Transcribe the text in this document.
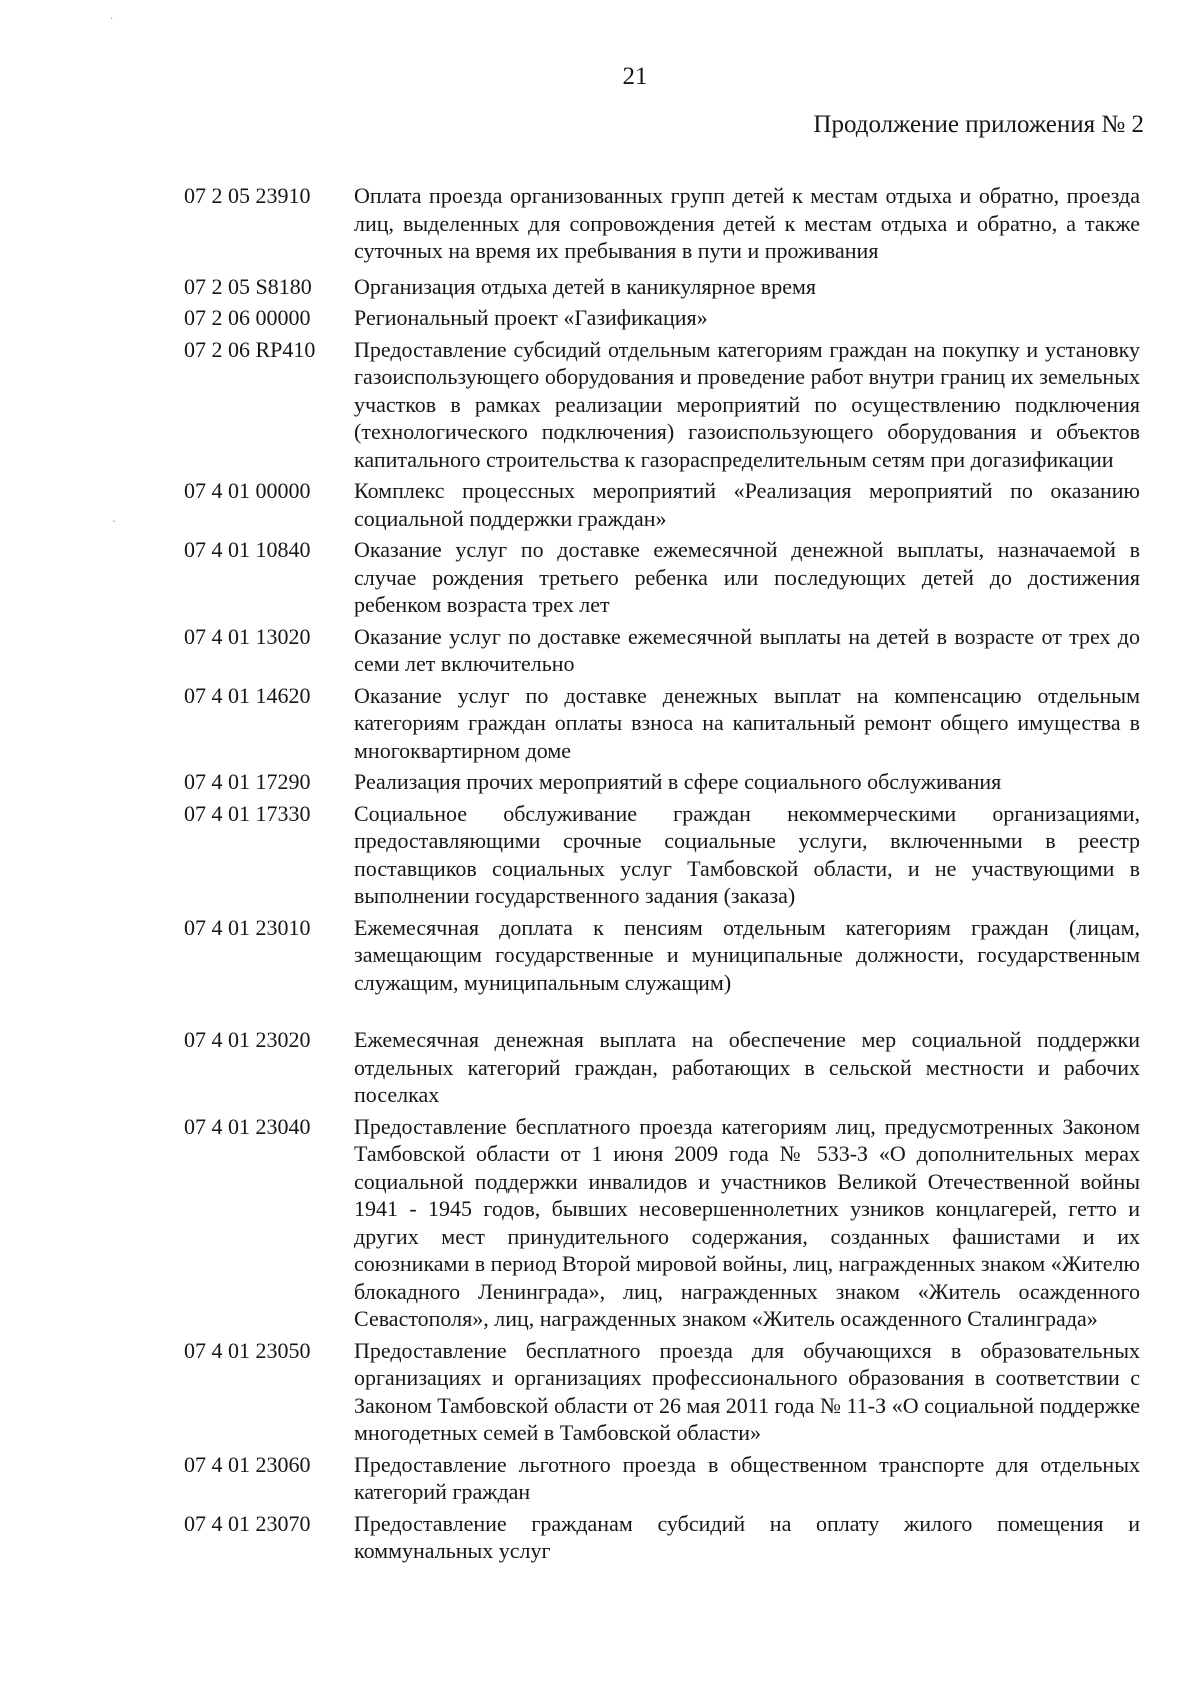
·
-
21
Продолжение приложения № 2
07 2 05 23910	Оплата проезда организованных групп детей к местам отдыха и обратно, проезда лиц, выделенных для сопровождения детей к местам отдыха и обратно, а также суточных на время их пребывания в пути и проживания
07 2 05 S8180	Организация отдыха детей в каникулярное время
07 2 06 00000	Региональный проект «Газификация»
07 2 06 RP410	Предоставление субсидий отдельным категориям граждан на покупку и установку газоиспользующего оборудования и проведение работ внутри границ их земельных участков в рамках реализации мероприятий по осуществлению подключения (технологического подключения) газоиспользующего оборудования и объектов капитального строительства к газораспределительным сетям при догазификации
07 4 01 00000	Комплекс процессных мероприятий «Реализация мероприятий по оказанию социальной поддержки граждан»
07 4 01 10840	Оказание услуг по доставке ежемесячной денежной выплаты, назначаемой в случае рождения третьего ребенка или последующих детей до достижения ребенком возраста трех лет
07 4 01 13020	Оказание услуг по доставке ежемесячной выплаты на детей в возрасте от трех до семи лет включительно
07 4 01 14620	Оказание услуг по доставке денежных выплат на компенсацию отдельным категориям граждан оплаты взноса на капитальный ремонт общего имущества в многоквартирном доме
07 4 01 17290	Реализация прочих мероприятий в сфере социального обслуживания
07 4 01 17330	Социальное обслуживание граждан некоммерческими организациями, предоставляющими срочные социальные услуги, включенными в реестр поставщиков социальных услуг Тамбовской области, и не участвующими в выполнении государственного задания (заказа)
07 4 01 23010	Ежемесячная доплата к пенсиям отдельным категориям граждан (лицам, замещающим государственные и муниципальные должности, государственным служащим, муниципальным служащим)
07 4 01 23020	Ежемесячная денежная выплата на обеспечение мер социальной поддержки отдельных категорий граждан, работающих в сельской местности и рабочих поселках
07 4 01 23040	Предоставление бесплатного проезда категориям лиц, предусмотренных Законом Тамбовской области от 1 июня 2009 года № 533-З «О дополнительных мерах социальной поддержки инвалидов и участников Великой Отечественной войны 1941 - 1945 годов, бывших несовершеннолетних узников концлагерей, гетто и других мест принудительного содержания, созданных фашистами и их союзниками в период Второй мировой войны, лиц, награжденных знаком «Жителю блокадного Ленинграда», лиц, награжденных знаком «Житель осажденного Севастополя», лиц, награжденных знаком «Житель осажденного Сталинграда»
07 4 01 23050	Предоставление бесплатного проезда для обучающихся в образовательных организациях и организациях профессионального образования в соответствии с Законом Тамбовской области от 26 мая 2011 года № 11-З «О социальной поддержке многодетных семей в Тамбовской области»
07 4 01 23060	Предоставление льготного проезда в общественном транспорте для отдельных категорий граждан
07 4 01 23070	Предоставление гражданам субсидий на оплату жилого помещения и коммунальных услуг
